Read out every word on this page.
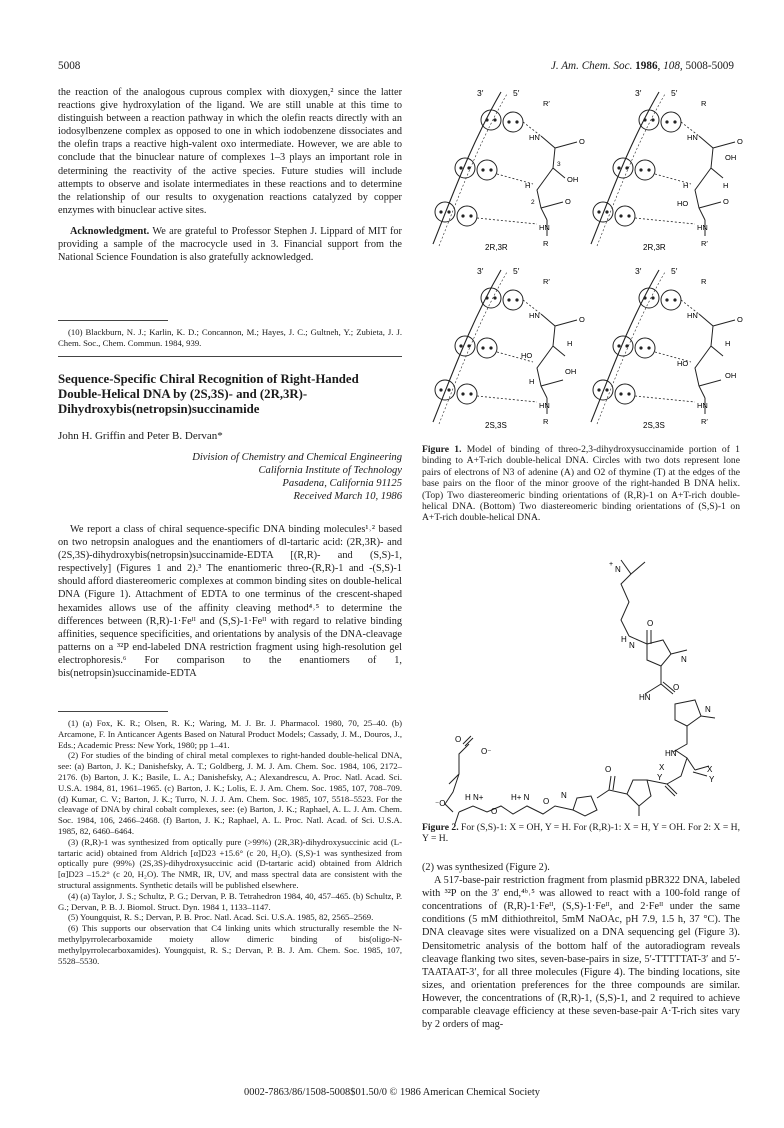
5008	J. Am. Chem. Soc. 1986, 108, 5008-5009

the reaction of the analogous cuprous complex with dioxygen,² since the latter reactions give hydroxylation of the ligand. We are still unable at this time to distinguish between a reaction pathway in which the olefin reacts directly with an iodosylbenzene complex as opposed to one in which iodobenzene dissociates and the olefin traps a reactive high-valent oxo intermediate. However, we are able to conclude that the binuclear nature of complexes 1–3 plays an important role in determining the reactivity of the active species. Future studies will include attempts to observe and isolate intermediates in these reactions and to determine the relationship of our results to oxygenation reactions catalyzed by copper enzymes with binuclear active sites.

Acknowledgment. We are grateful to Professor Stephen J. Lippard of MIT for providing a sample of the macrocycle used in 3. Financial support from the National Science Foundation is also gratefully acknowledged.

(10) Blackburn, N. J.; Karlin, K. D.; Concannon, M.; Hayes, J. C.; Gultneh, Y.; Zubieta, J. J. Chem. Soc., Chem. Commun. 1984, 939.

Sequence-Specific Chiral Recognition of Right-Handed Double-Helical DNA by (2S,3S)- and (2R,3R)-Dihydroxybis(netropsin)succinamide
John H. Griffin and Peter B. Dervan*
Division of Chemistry and Chemical Engineering
California Institute of Technology
Pasadena, California 91125
Received March 10, 1986

We report a class of chiral sequence-specific DNA binding molecules¹˒² based on two netropsin analogues and the enantiomers of dl-tartaric acid: (2R,3R)- and (2S,3S)-dihydroxybis(netropsin)succinamide-EDTA [(R,R)- and (S,S)-1, respectively] (Figures 1 and 2).³ The enantiomeric threo-(R,R)-1 and -(S,S)-1 should afford diastereomeric complexes at common binding sites on double-helical DNA (Figure 1). Attachment of EDTA to one terminus of the crescent-shaped hexamides allows use of the affinity cleaving method⁴˒⁵ to determine the differences between (R,R)-1·Feᴵᴵ and (S,S)-1·Feᴵᴵ with regard to relative binding affinities, sequence specificities, and orientations by analysis of the DNA-cleavage patterns on a ³²P end-labeled DNA restriction fragment using high-resolution gel electrophoresis.⁶ For comparison to the enantiomers of 1, bis(netropsin)succinamide-EDTA

(1) (a) Fox, K. R.; Olsen, R. K.; Waring, M. J. Br. J. Pharmacol. 1980, 70, 25–40. (b) Arcamone, F. In Anticancer Agents Based on Natural Product Models; Cassady, J. M., Douros, J., Eds.; Academic Press: New York, 1980; pp 1–41.

(2) For studies of the binding of chiral metal complexes to right-handed double-helical DNA, see: (a) Barton, J. K.; Danishefsky, A. T.; Goldberg, J. M. J. Am. Chem. Soc. 1984, 106, 2172–2176. (b) Barton, J. K.; Basile, L. A.; Danishefsky, A.; Alexandrescu, A. Proc. Natl. Acad. Sci. U.S.A. 1984, 81, 1961–1965. (c) Barton, J. K.; Lolis, E. J. Am. Chem. Soc. 1985, 107, 708–709. (d) Kumar, C. V.; Barton, J. K.; Turro, N. J. J. Am. Chem. Soc. 1985, 107, 5518–5523. For the cleavage of DNA by chiral cobalt complexes, see: (e) Barton, J. K.; Raphael, A. L. J. Am. Chem. Soc. 1984, 106, 2466–2468. (f) Barton, J. K.; Raphael, A. L. Proc. Natl. Acad. of Sci. U.S.A. 1985, 82, 6460–6464.

(3) (R,R)-1 was synthesized from optically pure (>99%) (2R,3R)-dihydroxysuccinic acid (L-tartaric acid) obtained from Aldrich [α]D23 +15.6° (c 20, H₂O). (S,S)-1 was synthesized from optically pure (99%) (2S,3S)-dihydroxysuccinic acid (D-tartaric acid) obtained from Aldrich [α]D23 –15.2° (c 20, H₂O). The NMR, IR, UV, and mass spectral data are consistent with the structural assignments. Synthetic details will be published elsewhere.

(4) (a) Taylor, J. S.; Schultz, P. G.; Dervan, P. B. Tetrahedron 1984, 40, 457–465. (b) Schultz, P. G.; Dervan, P. B. J. Biomol. Struct. Dyn. 1984 1, 1133–1147.

(5) Youngquist, R. S.; Dervan, P. B. Proc. Natl. Acad. Sci. U.S.A. 1985, 82, 2565–2569.

(6) This supports our observation that C4 linking units which structurally resemble the N-methylpyrrolecarboxamide moiety allow dimeric binding of bis(oligo-N-methylpyrrolecarboxamides). Youngquist, R. S.; Dervan, P. B. J. Am. Chem. Soc. 1985, 107, 5528–5530.

3′	5′
R′
HN	O
3
OH
H
2	O
HN
R
2R,3R
3′	5′
R
HN	O
OH
H	H
HO	O
HN
R′
2R,3R
3′	5′
R′
HN	O
H
HO
OH
H
HN
R
2S,3S
3′	5′
R
HN	O
H
HO
OH
HN
R′
2S,3S
Figure 1. Model of binding of threo-2,3-dihydroxysuccinamide portion of 1 binding to A+T-rich double-helical DNA. Circles with two dots represent lone pairs of electrons of N3 of adenine (A) and O2 of thymine (T) at the edges of the base pairs on the floor of the minor groove of the right-handed B DNA helix. (Top) Two diastereomeric binding orientations of (R,R)-1 on A+T-rich double-helical DNA. (Bottom) Two diastereomeric binding orientations of (S,S)-1 on A+T-rich double-helical DNA.
N
+
H
N
O
N
HN
O
N
HN
X
Y
Y
X
O
O
O⁻
H N+	H+ N O
N
⁻O
O
Figure 2. For (S,S)-1: X = OH, Y = H. For (R,R)-1: X = H, Y = OH. For 2: X = H, Y = H.

(2) was synthesized (Figure 2).

A 517-base-pair restriction fragment from plasmid pBR322 DNA, labeled with ³²P on the 3′ end,⁴ᵇ˒⁵ was allowed to react with a 100-fold range of concentrations of (R,R)-1·Feᴵᴵ, (S,S)-1·Feᴵᴵ, and 2·Feᴵᴵ under the same conditions (5 mM dithiothreitol, 5mM NaOAc, pH 7.9, 1.5 h, 37 °C). The DNA cleavage sites were visualized on a DNA sequencing gel (Figure 3). Densitometric analysis of the bottom half of the autoradiogram reveals cleavage flanking two sites, seven-base-pairs in size, 5′-TTTTTAT-3′ and 5′-TAATAAT-3′, for all three molecules (Figure 4). The binding locations, site sizes, and orientation preferences for the three compounds are similar. However, the concentrations of (R,R)-1, (S,S)-1, and 2 required to achieve comparable cleavage efficiency at these seven-base-pair A·T-rich sites vary by 2 orders of mag-

0002-7863/86/1508-5008$01.50/0 © 1986 American Chemical Society
